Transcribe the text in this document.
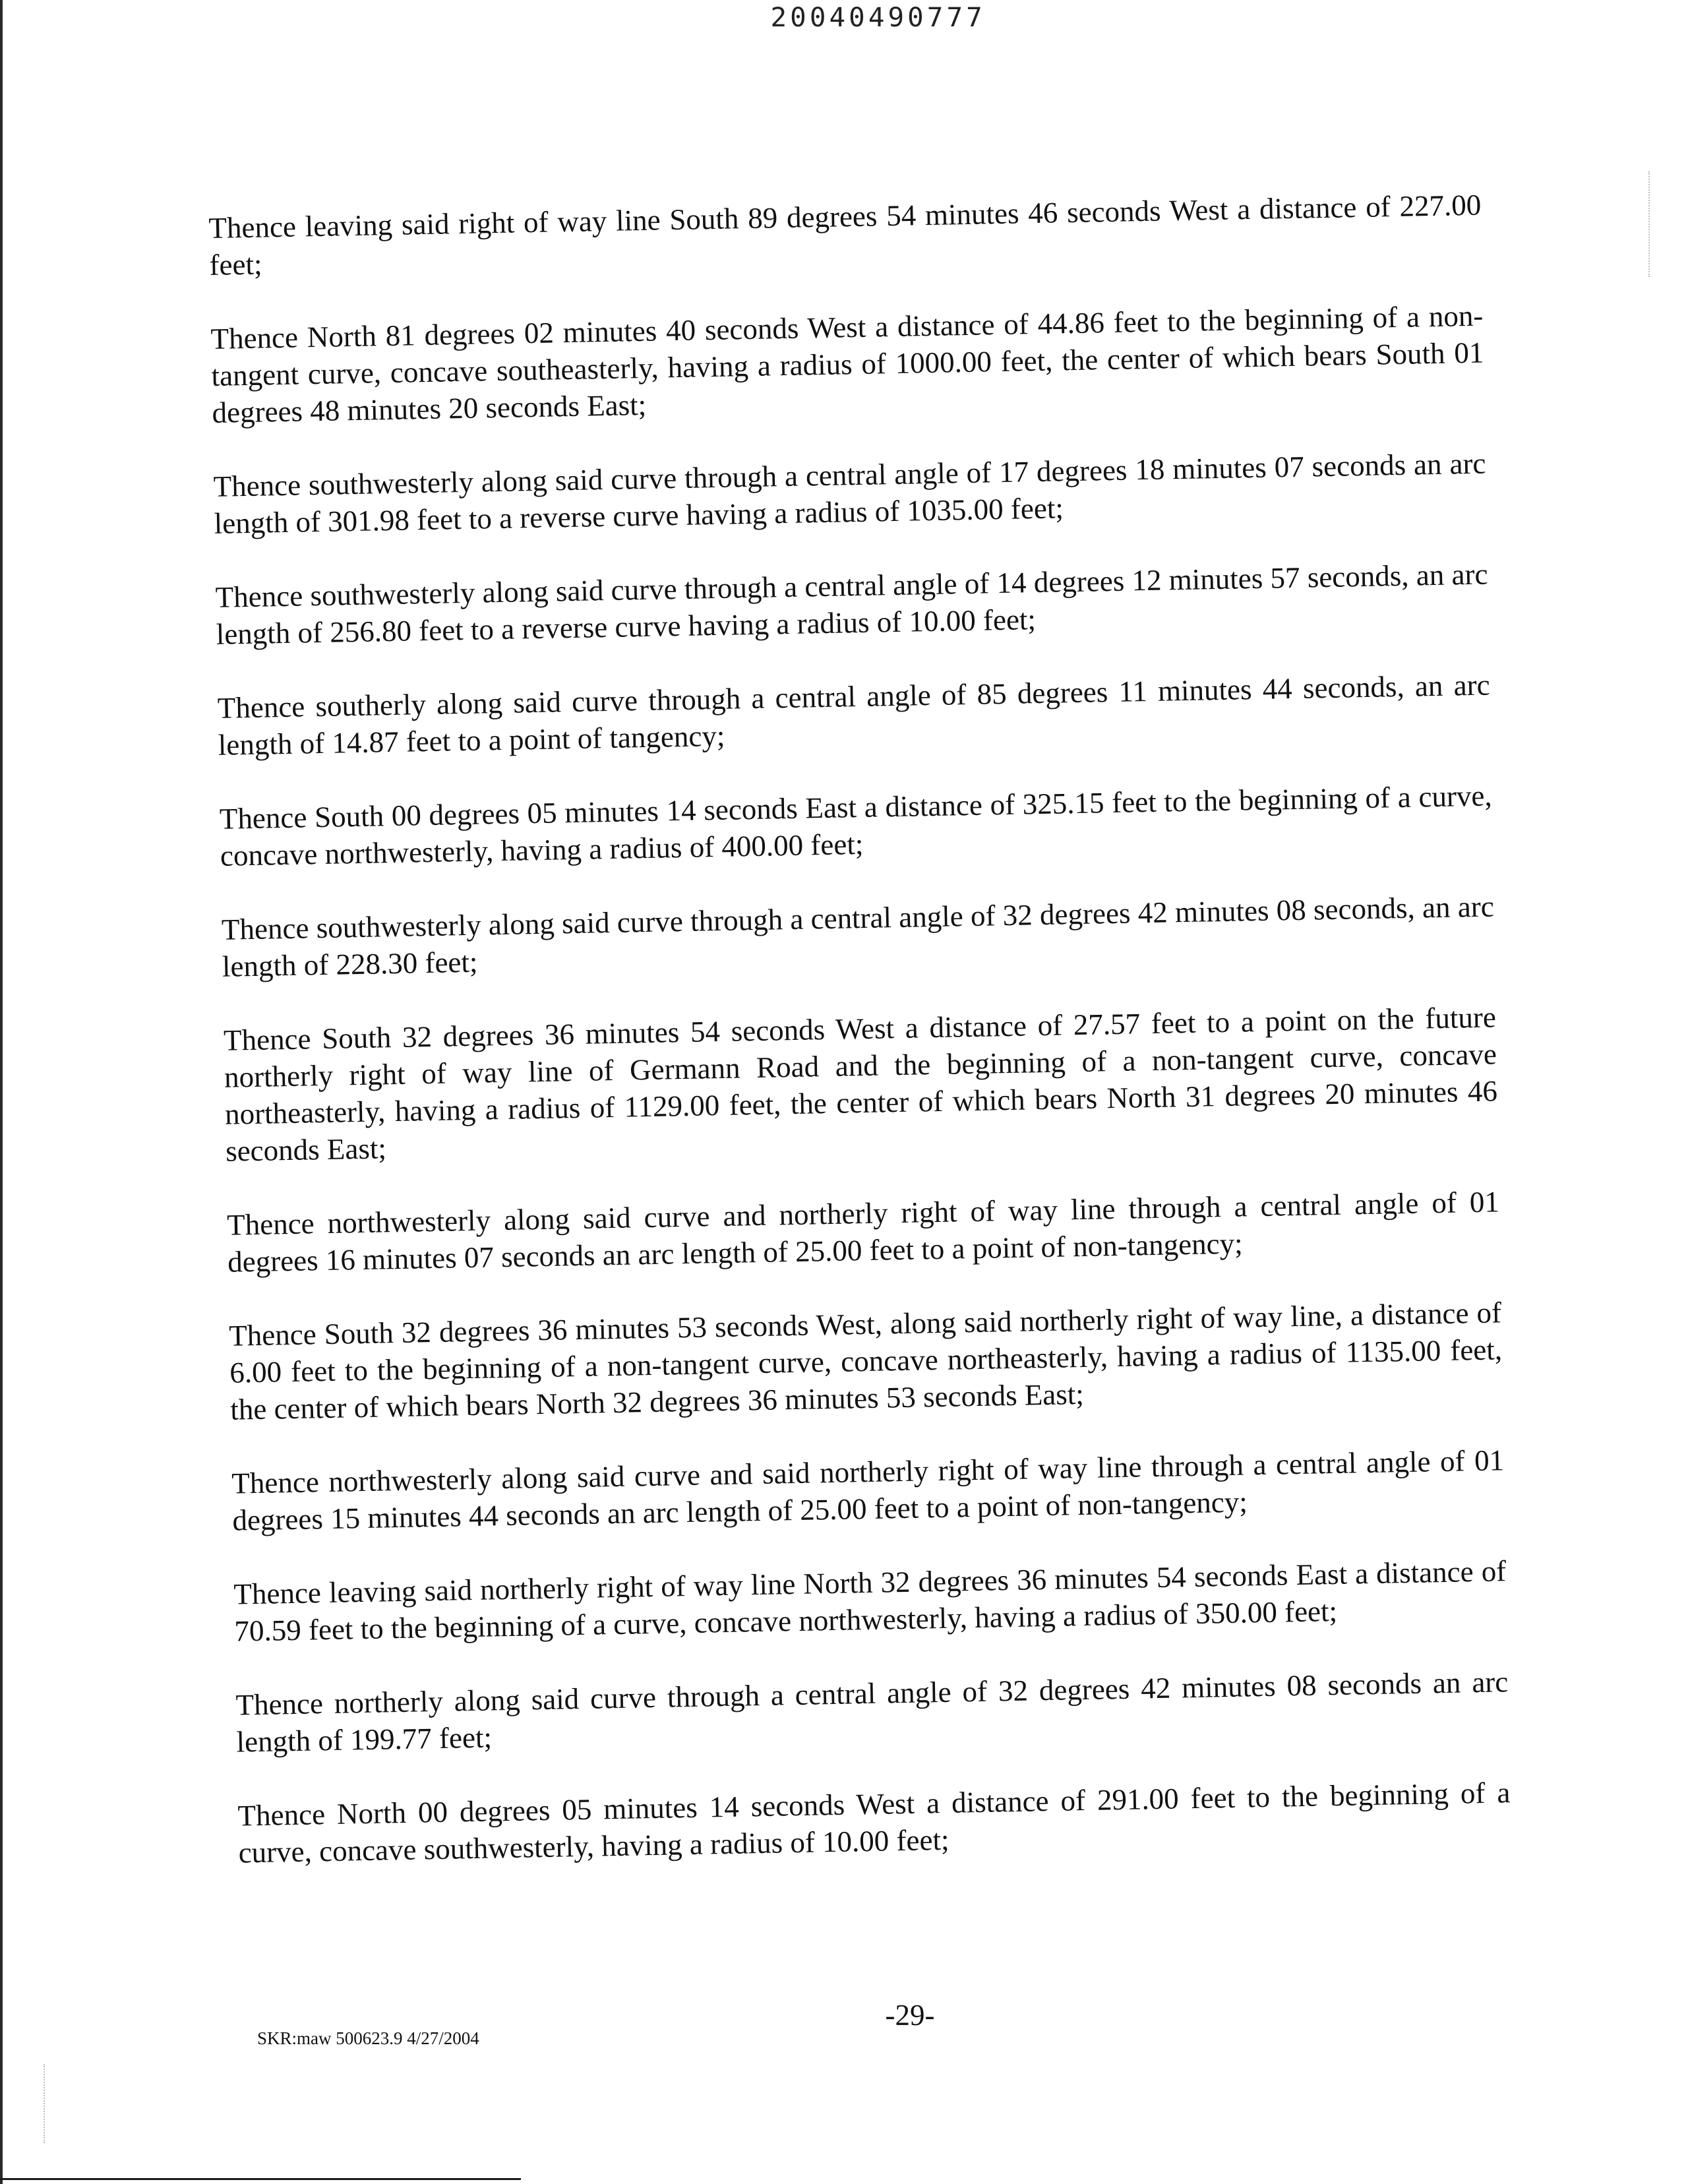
20040490777

Thence leaving said right of way line South 89 degrees 54 minutes 46 seconds West a distance of 227.00 feet;

Thence North 81 degrees 02 minutes 40 seconds West a distance of 44.86 feet to the beginning of a non-tangent curve, concave southeasterly, having a radius of 1000.00 feet, the center of which bears South 01 degrees 48 minutes 20 seconds East;

Thence southwesterly along said curve through a central angle of 17 degrees 18 minutes 07 seconds an arc length of 301.98 feet to a reverse curve having a radius of 1035.00 feet;

Thence southwesterly along said curve through a central angle of 14 degrees 12 minutes 57 seconds, an arc length of 256.80 feet to a reverse curve having a radius of 10.00 feet;

Thence southerly along said curve through a central angle of 85 degrees 11 minutes 44 seconds, an arc length of 14.87 feet to a point of tangency;

Thence South 00 degrees 05 minutes 14 seconds East a distance of 325.15 feet to the beginning of a curve, concave northwesterly, having a radius of 400.00 feet;

Thence southwesterly along said curve through a central angle of 32 degrees 42 minutes 08 seconds, an arc length of 228.30 feet;

Thence South 32 degrees 36 minutes 54 seconds West a distance of 27.57 feet to a point on the future northerly right of way line of Germann Road and the beginning of a non-tangent curve, concave northeasterly, having a radius of 1129.00 feet, the center of which bears North 31 degrees 20 minutes 46 seconds East;

Thence northwesterly along said curve and northerly right of way line through a central angle of 01 degrees 16 minutes 07 seconds an arc length of 25.00 feet to a point of non-tangency;

Thence South 32 degrees 36 minutes 53 seconds West, along said northerly right of way line, a distance of 6.00 feet to the beginning of a non-tangent curve, concave northeasterly, having a radius of 1135.00 feet, the center of which bears North 32 degrees 36 minutes 53 seconds East;

Thence northwesterly along said curve and said northerly right of way line through a central angle of 01 degrees 15 minutes 44 seconds an arc length of 25.00 feet to a point of non-tangency;

Thence leaving said northerly right of way line North 32 degrees 36 minutes 54 seconds East a distance of 70.59 feet to the beginning of a curve, concave northwesterly, having a radius of 350.00 feet;

Thence northerly along said curve through a central angle of 32 degrees 42 minutes 08 seconds an arc length of 199.77 feet;

Thence North 00 degrees 05 minutes 14 seconds West a distance of 291.00 feet to the beginning of a curve, concave southwesterly, having a radius of 10.00 feet;

-29-
SKR:maw 500623.9 4/27/2004
